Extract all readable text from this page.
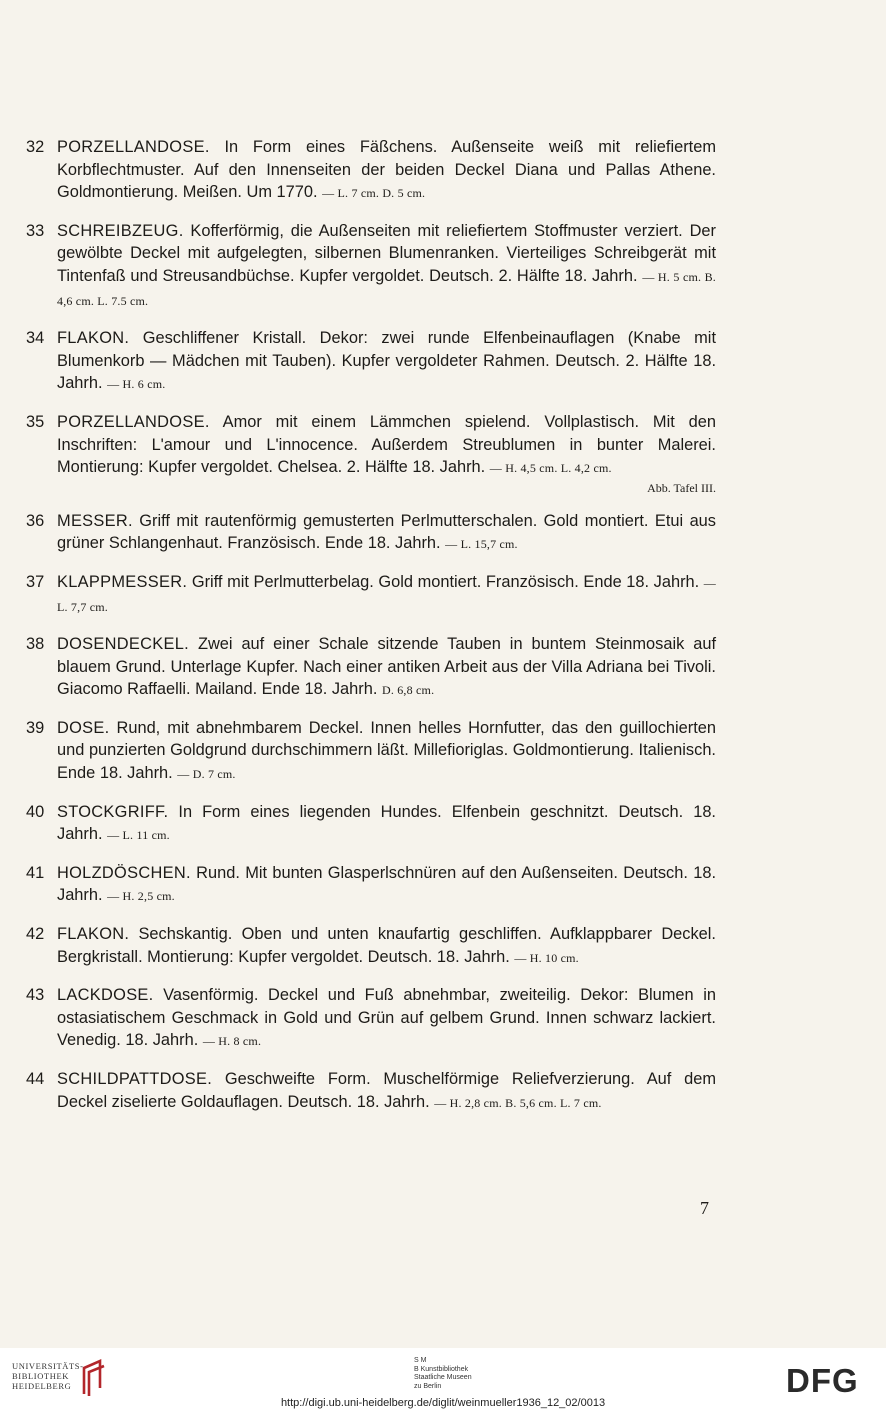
32 PORZELLANDOSE. In Form eines Fäßchens. Außenseite weiß mit reliefiertem Korbflechtmuster. Auf den Innenseiten der beiden Deckel Diana und Pallas Athene. Goldmontierung. Meißen. Um 1770. — L. 7 cm. D. 5 cm.
33 SCHREIBZEUG. Kofferförmig, die Außenseiten mit reliefiertem Stoffmuster verziert. Der gewölbte Deckel mit aufgelegten, silbernen Blumenranken. Vierteiliges Schreibgerät mit Tintenfaß und Streusandbüchse. Kupfer vergoldet. Deutsch. 2. Hälfte 18. Jahrh. — H. 5 cm. B. 4,6 cm. L. 7.5 cm.
34 FLAKON. Geschliffener Kristall. Dekor: zwei runde Elfenbeinauflagen (Knabe mit Blumenkorb — Mädchen mit Tauben). Kupfer vergoldeter Rahmen. Deutsch. 2. Hälfte 18. Jahrh. — H. 6 cm.
35 PORZELLANDOSE. Amor mit einem Lämmchen spielend. Vollplastisch. Mit den Inschriften: L'amour und L'innocence. Außerdem Streublumen in bunter Malerei. Montierung: Kupfer vergoldet. Chelsea. 2. Hälfte 18. Jahrh. — H. 4,5 cm. L. 4,2 cm.
Abb. Tafel III.
36 MESSER. Griff mit rautenförmig gemusterten Perlmutterschalen. Gold montiert. Etui aus grüner Schlangenhaut. Französisch. Ende 18. Jahrh. — L. 15,7 cm.
37 KLAPPMESSER. Griff mit Perlmutterbelag. Gold montiert. Französisch. Ende 18. Jahrh. — L. 7,7 cm.
38 DOSENDECKEL. Zwei auf einer Schale sitzende Tauben in buntem Steinmosaik auf blauem Grund. Unterlage Kupfer. Nach einer antiken Arbeit aus der Villa Adriana bei Tivoli. Giacomo Raffaelli. Mailand. Ende 18. Jahrh. D. 6,8 cm.
39 DOSE. Rund, mit abnehmbarem Deckel. Innen helles Hornfutter, das den guillochierten und punzierten Goldgrund durchschimmern läßt. Millefioriglas. Goldmontierung. Italienisch. Ende 18. Jahrh. — D. 7 cm.
40 STOCKGRIFF. In Form eines liegenden Hundes. Elfenbein geschnitzt. Deutsch. 18. Jahrh. — L. 11 cm.
41 HOLZDÖSCHEN. Rund. Mit bunten Glasperlschnüren auf den Außenseiten. Deutsch. 18. Jahrh. — H. 2,5 cm.
42 FLAKON. Sechskantig. Oben und unten knaufartig geschliffen. Aufklappbarer Deckel. Bergkristall. Montierung: Kupfer vergoldet. Deutsch. 18. Jahrh. — H. 10 cm.
43 LACKDOSE. Vasenförmig. Deckel und Fuß abnehmbar, zweiteilig. Dekor: Blumen in ostasiatischem Geschmack in Gold und Grün auf gelbem Grund. Innen schwarz lackiert. Venedig. 18. Jahrh. — H. 8 cm.
44 SCHILDPATTDOSE. Geschweifte Form. Muschelförmige Reliefverzierung. Auf dem Deckel ziselierte Goldauflagen. Deutsch. 18. Jahrh. — H. 2,8 cm. B. 5,6 cm. L. 7 cm.
7
UNIVERSITÄTS-
BIBLIOTHEK
HEIDELBERG
S M
B Kunstbibliothek
Staatliche Museen
zu Berlin	DFG
http://digi.ub.uni-heidelberg.de/diglit/weinmueller1936_12_02/0013
